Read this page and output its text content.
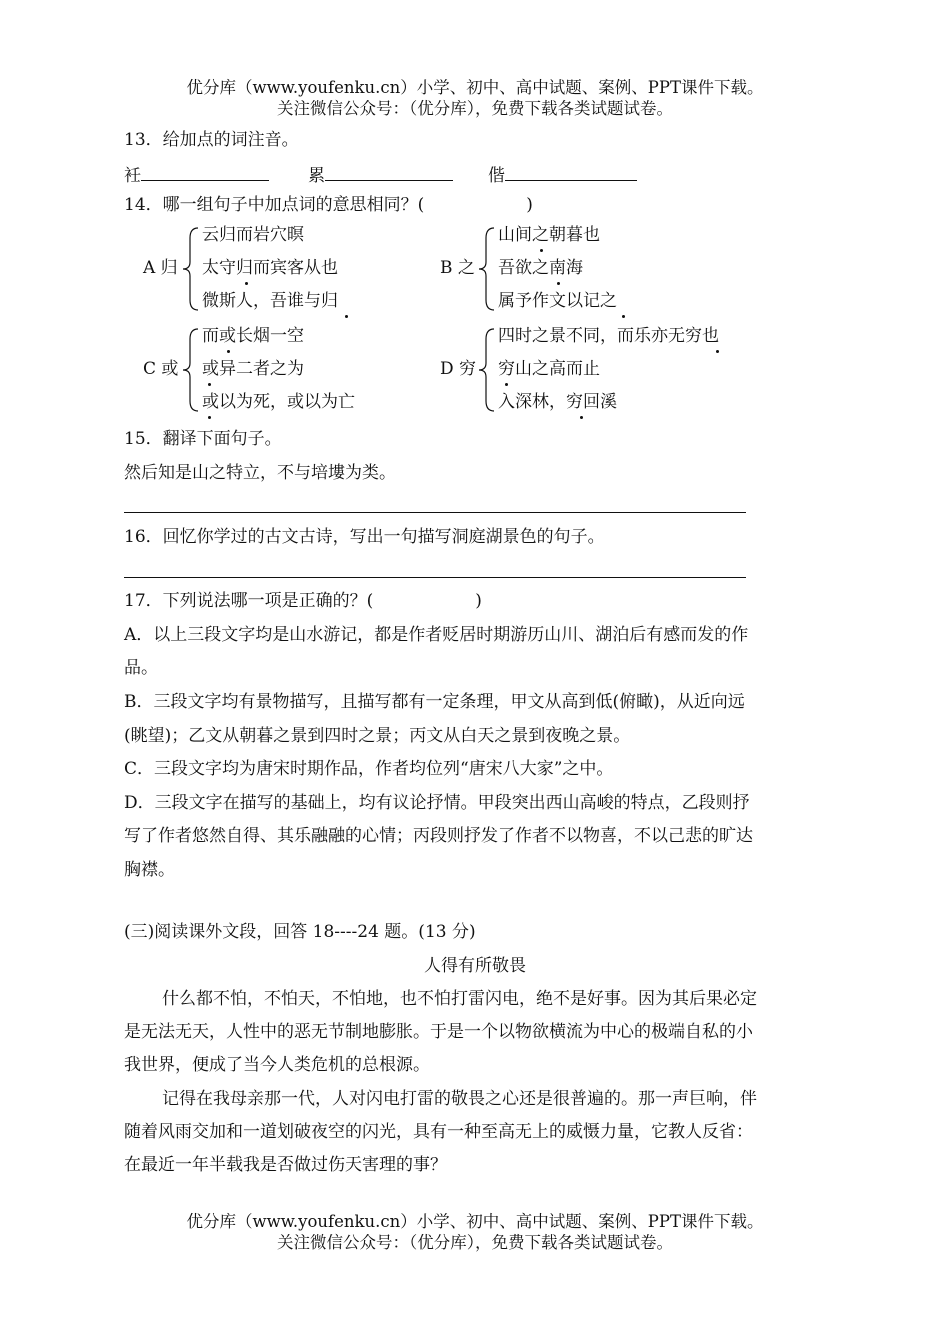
优分库（www.youfenku.cn）小学、初中、高中试题、案例、PPT课件下载。
关注微信公众号：（优分库），免费下载各类试题试卷。
13．给加点的词注音。
衽	累	偕
14．哪一组句子中加点词的意思相同？(　　　　　　)
A 归
云归而岩穴暝
太守归而宾客从也
微斯人，吾谁与归
B 之
山间之朝暮也
吾欲之南海
属予作文以记之
C 或
而或长烟一空
或异二者之为
或以为死，或以为亡
D 穷
四时之景不同，而乐亦无穷也
穷山之高而止
入深林，穷回溪
15．翻译下面句子。
然后知是山之特立，不与培塿为类。
16．回忆你学过的古文古诗，写出一句描写洞庭湖景色的句子。
17．下列说法哪一项是正确的？(　　　　　　)
A．以上三段文字均是山水游记，都是作者贬居时期游历山川、湖泊后有感而发的作
品。
B．三段文字均有景物描写，且描写都有一定条理，甲文从高到低(俯瞰)，从近向远
(眺望)；乙文从朝暮之景到四时之景；丙文从白天之景到夜晚之景。
C．三段文字均为唐宋时期作品，作者均位列“唐宋八大家”之中。
D．三段文字在描写的基础上，均有议论抒情。甲段突出西山高峻的特点，乙段则抒
写了作者悠然自得、其乐融融的心情；丙段则抒发了作者不以物喜，不以己悲的旷达
胸襟。
(三)阅读课外文段，回答 18----24 题。(13 分)
人得有所敬畏
什么都不怕，不怕天，不怕地，也不怕打雷闪电，绝不是好事。因为其后果必定
是无法无天，人性中的恶无节制地膨胀。于是一个以物欲横流为中心的极端自私的小
我世界，便成了当今人类危机的总根源。
记得在我母亲那一代，人对闪电打雷的敬畏之心还是很普遍的。那一声巨响，伴
随着风雨交加和一道划破夜空的闪光，具有一种至高无上的威慑力量，它教人反省：
在最近一年半载我是否做过伤天害理的事？
优分库（www.youfenku.cn）小学、初中、高中试题、案例、PPT课件下载。
关注微信公众号：（优分库），免费下载各类试题试卷。
